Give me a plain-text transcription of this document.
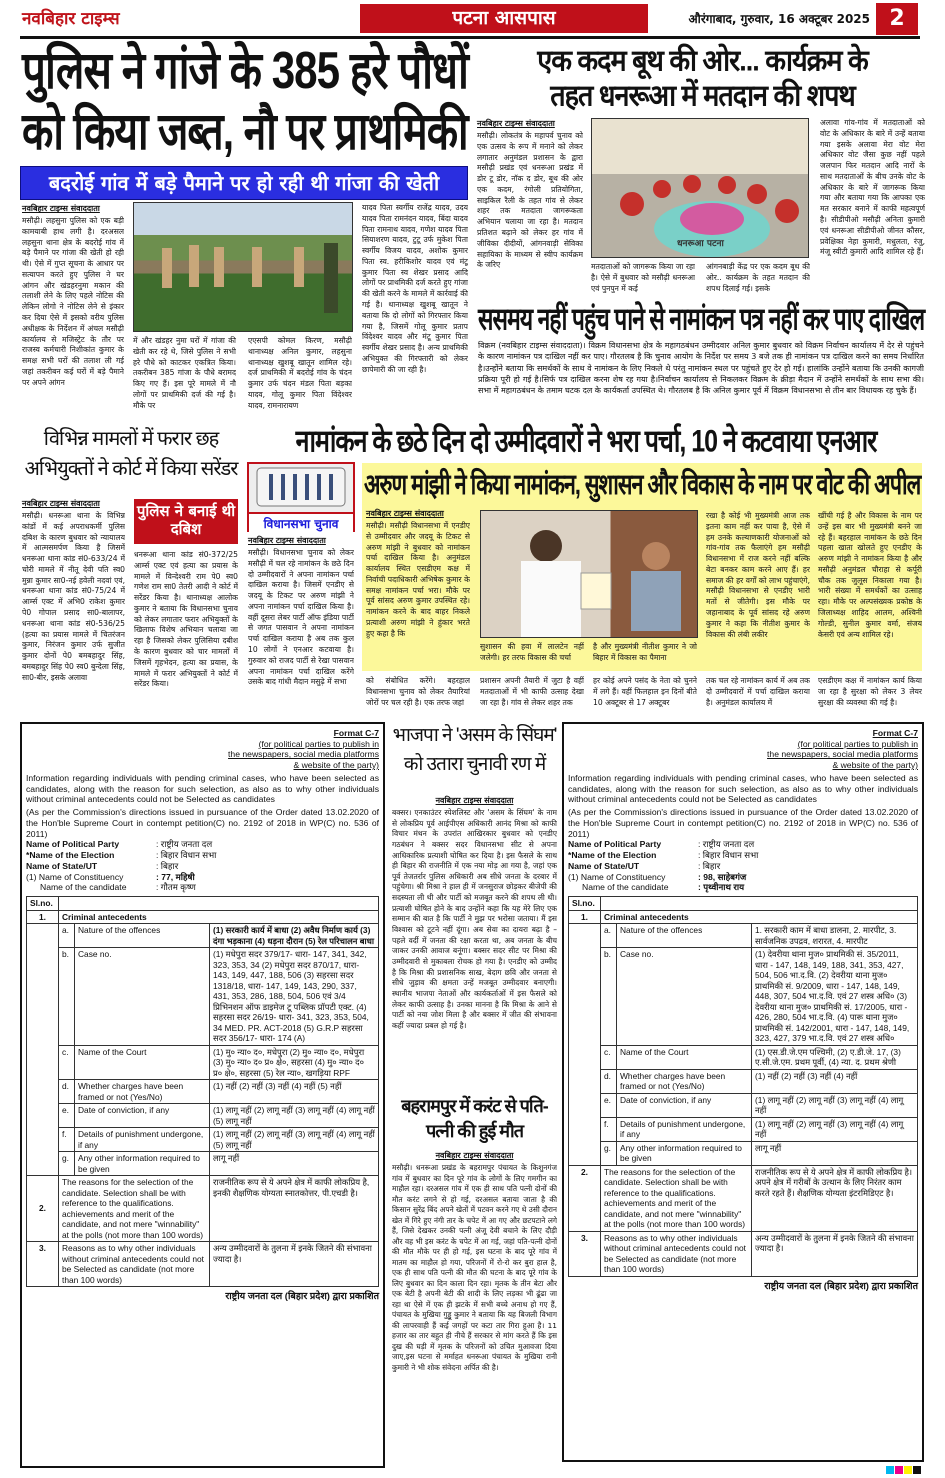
नवबिहार टाइम्स	पटना आसपास	औरंगाबाद, गुरुवार, 16 अक्टूबर 2025 2
पुलिस ने गांजे के 385 हरे पौधों
को किया जब्त, नौ पर प्राथमिकी
बदरोई गांव में बड़े पैमाने पर हो रही थी गांजा की खेती
नवबिहार टाइम्स संवाददाता
मसौढ़ी। लहसुना पुलिस को एक बड़ी कामयाबी हाथ लगी है। दरअसल लहसुना थाना क्षेत्र के बदरोई गांव में बड़े पैमाने पर गांजा की खेती हो रही थी। ऐसे में गुप्त सूचना के आधार पर सत्यापन करते हुए पुलिस ने घर आंगन और खंडहरनुमा मकान की तलाशी लेने के लिए पहले नोटिस की लेकिन लोगो ने नोटिस लेने से इंकार कर दिया ऐसे में इसको वरीय पुलिस अधीक्षक के निर्देशन में अंचल मसौढ़ी कार्यालय से मजिस्ट्रेट के तौर पर राजस्व कर्मचारी निशीकांत कुमार के समक्ष सभी घरों की तलाश ली गई जहां तकरीबन कई घरों में बड़े पैमाने पर अपने आंगन
में और खंडहर नुमा घरों में गांजा की खेती कर रहे थे, जिसे पुलिस ने सभी हरे पौधे को काटकर एकत्रित किया। तकरीबन 385 गांजा के पौधे बरामद किए गए हैं। इस पूरे मामले में नौ लोगों पर प्राथमिकी दर्ज की गई है। मौके पर
एएसपी कोमल किरण, मसौढ़ी थानाध्यक्ष अनिल कुमार, लहसुना थानाध्यक्ष खुशबू खातून शामिल रहे। दर्ज प्राथमिकी में बदरोई गांव के चंदन कुमार उर्फ चंदन मंडल पिता बड़का यादव, गोलू कुमार पिता विंदेश्वर यादव, रामनारायण
यादव पिता स्वर्गीय राजेंद्र यादव, उदय यादव पिता रामनंदन यादव, बिंदा यादव पिता रामनाथ यादव, गणेश यादव पिता सियाशरण यादव, टुटू उर्फ मुकेश पिता स्वर्गीय विजय यादव, अशोक कुमार पिता स्व. हरीकिशोर यादव एवं मंटू कुमार पिता स्व शेखर प्रसाद आदि लोगों पर प्राथमिकी दर्ज करते हुए गांजा की खेती करने के मामले में कार्रवाई की गई है। थानाध्यक्ष खुशबू खातून ने बताया कि दो लोगों को गिरफ्तार किया गया है, जिसमें गोलू कुमार प्रताप विंदेश्वर यादव और मंटू कुमार पिता स्वर्गीय शेखर प्रसाद है। अन्य प्राथमिकी अभियुक्त की गिरफ्तारी को लेकर छापेमारी की जा रही है।
एक कदम बूथ की ओर... कार्यक्रम के
तहत धनरूआ में मतदान की शपथ
नवबिहार टाइम्स संवाददाता
मसौढ़ी। लोकतंत्र के महापर्व चुनाव को एक उत्सव के रूप में मनाने को लेकर लगातार अनुमंडल प्रशासन के द्वारा मसौढ़ी प्रखंड एवं धनरूआ प्रखंड में डोर टू डोर, नॉक द डोर, बूथ की ओर एक कदम, रंगोली प्रतियोगिता, साइकिल रैली के तहत गांव से लेकर शहर तक मतदाता जागरूकता अभियान चलाया जा रहा है। मतदान प्रतिशत बढ़ाने को लेकर हर गांव में जीविका दीदीयों, आंगनवाड़ी सेविका सहायिका के माध्यम से स्वीप कार्यक्रम के जरिए
धनरूआ पटना
मतदाताओं को जागरूक किया जा रहा है। ऐसे में बुधवार को मसौढ़ी धनरूआ एवं पुनपुन में कई
आंगनबाड़ी केंद्र पर एक कदम बूथ की ओर.. कार्यक्रम के तहत मतदान की शपथ दिलाई गई। इसके
अलावा गांव-गांव में मतदाताओं को वोट के अधिकार के बारे में उन्हें बताया गया इसके अलावा मेरा वोट मेरा अधिकार वोट जैसा कुछ नहीं पहले जलपान फिर मतदान आदि नारों के साथ मतदाताओं के बीच उनके वोट के अधिकार के बारे में जागरूक किया गया और बताया गया कि आपका एक मत सरकार बनाने में काफी महत्वपूर्ण है। सीडीपीओ मसौढ़ी अनिता कुमारी एवं धनरूआ सीडीपीओ जीनत कौसर, प्रवेक्षिका नेहा कुमारी, मधुलता, रंजु, मंजू स्वीटी कुमारी आदि शामिल रहे हैं।
ससमय नहीं पहुंच पाने से नामांकन पत्र नहीं कर पाए दाखिल
विक्रम (नवबिहार टाइम्स संवाददाता)। विक्रम विधानसभा क्षेत्र के महागठबंधन उम्मीदवार अनिल कुमार बुधवार को विक्रम निर्वाचन कार्यालय में देर से पहुंचने के कारण नामांकन पत्र दाखिल नहीं कर पाए। गौरतलब है कि चुनाव आयोग के निर्देश पर समय 3 बजे तक ही नामांकन पत्र दाखिल करने का समय निर्धारित है।उन्होंने बताया कि समर्थकों के साथ वे नामांकन के लिए निकले थे परंतु नामांकन स्थल पर पहुंचते हुए देर हो गई। हालांकि उन्होंने बताया कि उनकी कागजी प्रक्रिया पूरी हो गई है।सिर्फ पत्र दाखिल करना शेष रह गया है।निर्वाचन कार्यालय से निकलकर विक्रम के क्रीड़ा मैदान में उन्होंने समर्थकों के साथ सभा की।सभा में महागठबंधन के तमाम घटक दल के कार्यकर्ता उपस्थित थे। गौरतलब है कि अनिल कुमार पूर्व में विक्रम विधानसभा से तीन बार विधायक रह चुके हैं।
विभिन्न मामलों में फरार छह अभियुक्तों ने कोर्ट में किया सरेंडर
नामांकन के छठे दिन दो उम्मीदवारों ने भरा पर्चा, 10 ने कटवाया एनआर
नवबिहार टाइम्स संवाददाता
मसौढ़ी। धनरूआ थाना के विभिन्न कांडों में कई अपराधकर्मी पुलिस दबिश के कारण बुधवार को न्यायालय में आत्मसमर्पण किया है जिसमें धनरूआ थाना कांड सं0-633/24 में चोरी मामले में नीतू देवी पति स्व0 मुन्ना कुमार सा0-नई हवेली नदवां एवं, धनरूआ थाना कांड सं0-75/24 में आर्म्स एक्ट में अभि0 राकेश कुमार पे0 गोपाल प्रसाद सा0-बालापर, धनरूआ थाना कांड सं0-536/25 (हत्या का प्रयास मामले में चितरंजन कुमार, निरंजन कुमार उर्फ सुजीत कुमार दोनों पे0 बमबहादुर सिंह, बमबहादुर सिंह पे0 स्व0 बुन्देला सिंह, सा0-बीर, इसके अलावा
पुलिस ने बनाई थी दबिश
धनरूआ थाना कांड सं0-372/25 आर्म्स एक्ट एवं हत्या का प्रयास के मामले में विन्देश्वरी राम पे0 स्व0 गणेश राम सा0 तेतरी आदी ने कोर्ट में सरेंडर किया है। थानाध्यक्ष आलोक कुमार ने बताया कि विधानसभा चुनाव को लेकर लगातार फरार अभियुक्तों के खिलाफ विशेष अभियान चलाया जा रहा है जिसको लेकर पुलिसिया दबीश के कारण बुधवार को चार मामलों में जिसमें गृहभेदन, हत्या का प्रयास, के मामले में फरार अभियुक्तों ने कोर्ट में सरेंडर किया।
विधानसभा चुनाव
नवबिहार टाइम्स संवाददाता
मसौढ़ी। विधानसभा चुनाव को लेकर मसौढ़ी में चल रहे नामांकन के छठे दिन दो उम्मीदवारों ने अपना नामांकन पर्चा दाखिल कराया है। जिसमें एनडीए से जदयू के टिकट पर अरुण मांझी ने अपना नामांकन पर्चा दाखिल किया है। वहीं दूसरा लेबर पार्टी ऑफ इंडिया पार्टी से जगत पासवान ने अपना नामांकन पर्चा दाखिल कराया है अब तक कुल 10 लोगों ने एनआर कटवाया है। गुरुवार को राजद पार्टी से रेखा पासवान अपना नामांकन पर्चा दाखिल करेंगे उसके बाद गांधी मैदान मसुढ़े में सभा
अरुण मांझी ने किया नामांकन, सुशासन और विकास के नाम पर वोट की अपील
नवबिहार टाइम्स संवाददाता
मसौढ़ी। मसौढ़ी विधानसभा में एनडीए से उम्मीदवार और जदयू के टिकट से अरुण मांझी ने बुधवार को नामांकन पर्चा दाखिल किया है। अनुमंडल कार्यालय स्थित एसडीएम कक्ष में निर्वाची पदाधिकारी अभिषेक कुमार के समक्ष नामांकन पर्चा भरा। मौके पर पूर्व सांसद अरुण कुमार उपस्थित रहे। नामांकन करने के बाद बाहर निकले प्रत्याशी अरुण मांझी ने हुंकार भरते हुए कहा है कि
सुशासन की हवा में लालटेन नहीं जलेगी। हर तरफ विकास की चर्चा
है और मुख्यमंत्री नीतीश कुमार ने जो बिहार में विकास का पैमाना
रखा है कोई भी मुख्यमंत्री आज तक इतना काम नहीं कर पाया है, ऐसे में हम उनके कल्याणकारी योजनाओं को गांव-गांव तक फैलाएंगे हम मसौढ़ी विधानसभा में राज करने नहीं बल्कि बेटा बनकर काम करने आए हैं। हर समाज की हर वर्गों को लाभ पहुंचाएंगे, मसौढ़ी विधानसभा से एनडीए भारी मतों से जीतेगी। इस मौके पर जहानाबाद के पूर्व सांसद रहे अरुण कुमार ने कहा कि नीतीश कुमार के विकास की लंबी लकीर
खींची गई है और विकास के नाम पर उन्हें इस बार भी मुख्यमंत्री बनने जा रहे हैं। बहरहाल नामांकन के छठे दिन पहला खाता खोलते हुए एनडीए के अरुण मांझी ने नामांकन किया है और मसौढ़ी अनुमंडल चौराहा से कर्पूरी चौक तक जुलूस निकाला गया है। भारी संख्या में समर्थकों का उत्साह रहा। मौके पर अल्पसंख्यक प्रकोष्ठ के जिलाध्यक्ष शाहिद आलम, अश्विनी गोल्डी, सुनील कुमार वर्मा, संजय केसरी एवं अन्य शामिल रहे।
को संबोधित करेंगे। बहरहाल विधानसभा चुनाव को लेकर तैयारियां जोरों पर चल रही है। एक तरफ जहां
प्रशासन अपनी तैयारी में जुटा है वहीं मतदाताओं में भी काफी उत्साह देखा जा रहा है। गांव से लेकर शहर तक
हर कोई अपने पसंद के नेता को चुनने में लगे हैं। वहीं फिलहाल इन दिनों बीते 10 अक्टूबर से 17 अक्टूबर
तक चल रहे नामांकन कार्य में अब तक दो उम्मीदवारों में पर्चा दाखिल कराया है। अनुमंडल कार्यालय में
एसडीएम कक्ष में नामांकन कार्य किया जा रहा है सुरक्षा को लेकर 3 लेयर सुरक्षा की व्यवस्था की गई है।
भाजपा ने 'असम के सिंघम' को उतारा चुनावी रण में
नवबिहार टाइम्स संवाददाता
बक्सर। एनकाउंटर स्पेशलिस्ट और 'असम के सिंघम' के नाम से लोकप्रिय पूर्व आईपीएस अधिकारी आनंद मिश्रा को काफी विचार मंथन के उपरांत आखिरकार बुधवार को एनडीए गठबंधन ने बक्सर सदर विधानसभा सीट से अपना आधिकारिक प्रत्याशी घोषित कर दिया है। इस फैसले के साथ ही बिहार की राजनीति में एक नया मोड़ आ गया है, जहां एक पूर्व तेजतर्रार पुलिस अधिकारी अब सीधे जनता के दरबार में पहुंचेगा। श्री मिश्रा ने हाल ही में जनसुराज छोड़कर बीजेपी की सदस्यता ली थी और पार्टी को मजबूत करने की शपथ ली थी। प्रत्याशी घोषित होने के बाद उन्होंने कहा कि यह मेरे लिए एक सम्मान की बात है कि पार्टी ने मुझ पर भरोसा जताया। मैं इस विश्वास को टूटने नहीं दूंगा। अब सेवा का दायरा बढ़ा है – पहले वर्दी में जनता की रक्षा करता था, अब जनता के बीच जाकर उनकी आवाज बनूंगा। बक्सर सदर सीट पर मिश्रा की उम्मीदवारी से मुकाबला रोचक हो गया है। एनडीए को उम्मीद है कि मिश्रा की प्रशासनिक साख, बेदाग छवि और जनता से सीधे जुड़ाव की क्षमता उन्हें मजबूत उम्मीदवार बनाएगी। स्थानीय भाजपा नेताओं और कार्यकर्ताओं में इस फैसले को लेकर काफी उत्साह है। उनका मानना है कि मिश्रा के आने से पार्टी को नया जोश मिला है और बक्सर में जीत की संभावना कहीं ज्यादा प्रबल हो गई है।
बहरामपुर में करंट से पति-पत्नी की हुई मौत
नवबिहार टाइम्स संवाददाता
मसौढ़ी। धनरूआ प्रखंड के बहरामपुर पंचायत के किशुनगंज गांव में बुधवार का दिन पूरे गांव के लोगों के लिए गमगीन का माहौल रहा। दरअसल गांव में एक ही साथ पति पत्नी दोनों की मौत करंट लगने से हो गई, दरअसल बताया जाता है की किसान सुरेंद्र बिंद अपने खेतों में पटवन करने गए थे उसी दौरान खेत में गिरे हुए नंगी तार के चपेट में आ गए और छटपटाने लगे हैं, जिसे देखकर उनकी पत्नी अंजू देवी बचाने के लिए दौड़ी और वह भी इस करंट के चपेट में आ गई, जहां पति-पत्नी दोनों की मौत मौके पर ही हो गई, इस घटना के बाद पूरे गांव में मातम का माहौल हो गया, परिजनों में रो-रो कर बुरा हाल है, एक ही साथ पति पत्नी की मौत की घटना के बाद पूरे गांव के लिए बुधवार का दिन काला दिन रहा। मृतक के तीन बेटा और एक बेटी है अपनी बेटी की शादी के लिए लड़का भी ढूंढा जा रहा था ऐसे में एक ही झटके में सभी बच्चे अनाथ हो गए हैं, पंचायत के मुखिया गुड्डू कुमार ने बताया कि यह बिजली विभाग की लापरवाही हैं कई जगहों पर कटा तार गिरा हुआ है। 11 हजार का तार बहुत ही नीचे हैं सरकार से मांग करते हैं कि इस दुख की घड़ी में मृतक के परिजनों को उचित मुआवजा दिया जाए,इस घटना से मर्माहत धनरूआ पंचायत के मुखिया रानी कुमारी ने भी शोक संवेदना अर्पित की है।
Format C-7
(for political parties to publish in
the newspapers, social media platforms
& website of the party)
Information regarding individuals with pending criminal cases, who have been selected as candidates, along with the reason for such selection, as also as to why other individuals without criminal antecedents could not be Selected as candidates
(As per the Commission's directions issued in pursuance of the Order dated 13.02.2020 of the Hon'ble Supreme Court in contempt petition(C) no. 2192 of 2018 in WP(C) no. 536 of 2011)
Name of Political Party	: राष्ट्रीय जनता दल
*Name of the Election	: बिहार विधान सभा
Name of State/UT	: बिहार
(1) Name of Constituency	: 77, महिषी
Name of the candidate	: गौतम कृष्ण
Sl.no.			
1.	Criminal antecedents		
	a.	Nature of the offences	(1) सरकारी कार्य में बाधा (2) अवैध निर्माण कार्य (3) दंगा भड़काना (4) धड़ना दौरान (5) रेल परिचालन बाधा
	b.	Case no.	(1) मधेपुरा सदर 379/17- धारा- 147, 341, 342, 323, 353, 34 (2) मधेपुरा सदर 870/17, धारा- 143, 149, 447, 188, 506 (3) सहरसा सदर 1318/18, धारा- 147, 149, 143, 290, 337, 431, 353, 286, 188, 504, 506 एवं 3/4 प्रिभिनशन ऑफ डाइमेज टू पब्लिक प्रॉपटी एक्ट. (4) सहरसा सदर 26/19- धारा- 341, 323, 353, 504, 34 MED. PR. ACT-2018 (5) G.R.P सहरसा सदर 356/17- धारा- 174 (A)
	c.	Name of the Court	(1) मु० न्या० द०, मधेपुरा (2) मु० न्या० द०, मधेपुरा (3) मु० न्या० द० प्र० क्षे०, सहरसा (4) मु० न्या० द० प्र० क्षे०, सहरसा (5) रेल न्या०, खगड़िया RPF
	d.	Whether charges have been framed or not (Yes/No)	(1) नहीं (2) नहीं (3) नहीं (4) नहीं (5) नहीं
	e.	Date of conviction, if any	(1) लागू नहीं (2) लागू नहीं (3) लागू नहीं (4) लागू नहीं (5) लागू नहीं
	f.	Details of punishment undergone, if any	(1) लागू नहीं (2) लागू नहीं (3) लागू नहीं (4) लागू नहीं (5) लागू नहीं
	g.	Any other information required to be given	लागू नहीं
2.	The reasons for the selection of the candidate. Selection shall be with reference to the qualifications. achievements and merit of the candidate, and not mere "winnability" at the polls (not more than 100 words)		राजनीतिक रूप से ये अपने क्षेत्र में काफी लोकप्रिय है, इनकी शैक्षणिक योग्यता स्नातकोत्तर, पी.एचडी है।
3.	Reasons as to why other individuals without criminal antecedents could not be Selected as candidate (not more than 100 words)		अन्य उम्मीदवारों के तुलना में इनके जितने की संभावना ज्यादा है।
राष्ट्रीय जनता दल (बिहार प्रदेश) द्वारा प्रकाशित
Format C-7
(for political parties to publish in
the newspapers, social media platforms
& website of the party)
Information regarding individuals with pending criminal cases, who have been selected as candidates, along with the reason for such selection, as also as to why other individuals without criminal antecedents could not be Selected as candidates
(As per the Commission's directions issued in pursuance of the Order dated 13.02.2020 of the Hon'ble Supreme Court in contempt petition(C) no. 2192 of 2018 in WP(C) no. 536 of 2011)
Name of Political Party	: राष्ट्रीय जनता दल
*Name of the Election	: बिहार विधान सभा
Name of State/UT	: बिहार
(1) Name of Constituency	: 98, साहेबगंज
Name of the candidate	: पृथ्वीनाथ राय
Sl.no.			
1.	Criminal antecedents		
	a.	Nature of the offences	1. सरकारी काम में बाधा डालना, 2. मारपीट, 3. सार्वजनिक उपद्रव, शरारत, 4. मारपीट
	b.	Case no.	(1) देवरीया थाना मुज० प्राथमिकी सं. 35/2011, धारा - 147, 148, 149, 188, 341, 353, 427, 504, 506 भा.द.वि. (2) देवरीया थाना मुज० प्राथमिकी सं. 9/2009, धारा - 147, 148, 149, 448, 307, 504 भा.द.वि. एवं 27 शस्त्र अधि० (3) देवरीया थाना मुज० प्राथमिकी सं. 17/2005, धारा - 426, 280, 504 भा.द.वि. (4) पारू थाना मुज० प्राथमिकी सं. 142/2001, धारा - 147, 148, 149, 323, 427, 379 भा.द.वि. एवं 27 शस्त्र अधि०
	c.	Name of the Court	(1) एस.डी.जे.एम पश्चिमी, (2) ए.डी.जे. 17, (3) ए.सी.जे.एम. प्रथम पूर्वी, (4) न्या. द. प्रथम श्रेणी
	d.	Whether charges have been framed or not (Yes/No)	(1) नहीं (2) नहीं (3) नहीं (4) नहीं
	e.	Date of conviction, if any	(1) लागू नहीं (2) लागू नहीं (3) लागू नहीं (4) लागू नहीं
	f.	Details of punishment undergone, if any	(1) लागू नहीं (2) लागू नहीं (3) लागू नहीं (4) लागू नहीं
	g.	Any other information required to be given	लागू नहीं
2.	The reasons for the selection of the candidate. Selection shall be with reference to the qualifications. achievements and merit of the candidate, and not mere "winnability" at the polls (not more than 100 words)		राजनीतिक रूप से ये अपने क्षेत्र में काफी लोकप्रिय है। अपने क्षेत्र में गरीबों के उत्थान के लिए निरंतर काम करते रहते हैं। शैक्षणिक योग्यता इंटरमिडिएट है।
3.	Reasons as to why other individuals without criminal antecedents could not be Selected as candidate (not more than 100 words)		अन्य उम्मीदवारों के तुलना में इनके जितने की संभावना ज्यादा है।
राष्ट्रीय जनता दल (बिहार प्रदेश) द्वारा प्रकाशित
